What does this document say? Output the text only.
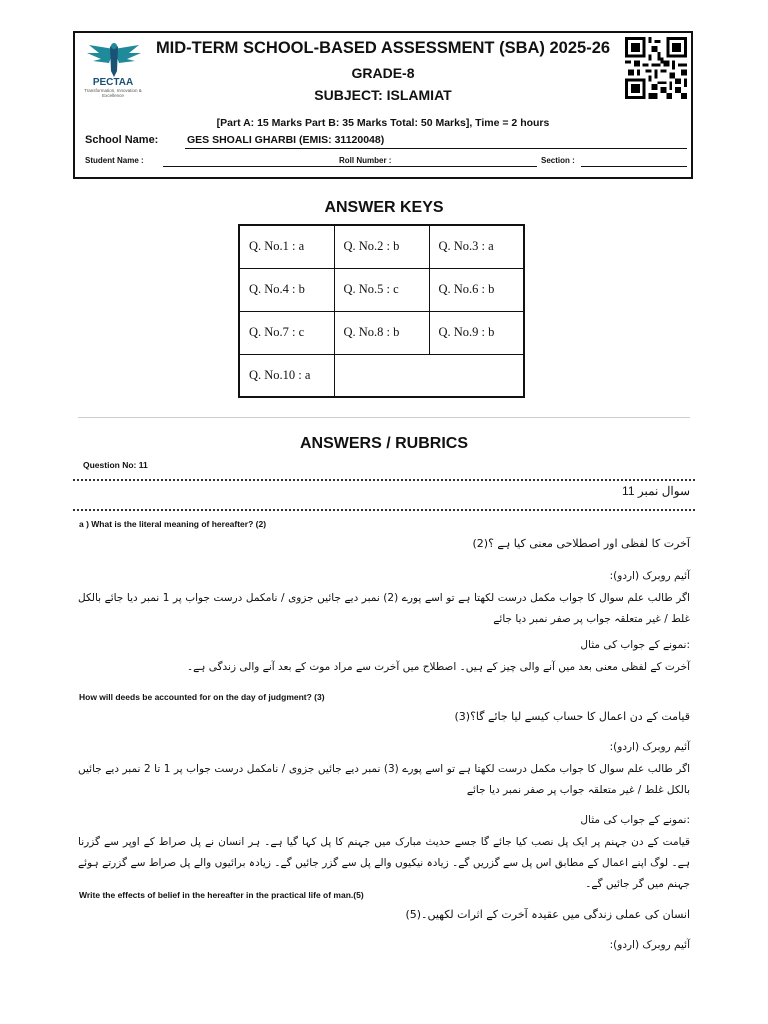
PECTAA
Transformation, Innovation & Excellence
MID-TERM SCHOOL-BASED ASSESSMENT (SBA) 2025-26
GRADE-8
SUBJECT: ISLAMIAT
[Part A: 15 Marks Part B: 35 Marks Total: 50 Marks], Time = 2 hours
School Name:	GES SHOALI GHARBI (EMIS: 31120048)
Student Name :	Roll Number :	Section :
ANSWER KEYS
Q. No.1 : a	Q. No.2 : b	Q. No.3 : a
Q. No.4 : b	Q. No.5 : c	Q. No.6 : b
Q. No.7 : c	Q. No.8 : b	Q. No.9 : b
Q. No.10 : a		
ANSWERS / RUBRICS
Question No: 11
سوال نمبر 11
a ) What is the literal meaning of hereafter? (2)
آخرت کا لفظی اور اصطلاحی معنی کیا ہے ؟(2)
آئیم روبرک (اردو):
اگر طالب علم سوال کا جواب مکمل درست لکھتا ہے تو اسے پورے (2) نمبر دیے جائیں جزوی / نامکمل درست جواب پر 1 نمبر دیا جائے بالکل غلط / غیر متعلقہ جواب پر صفر نمبر دیا جائے
:نمونے کے جواب کی مثال
آخرت کے لفظی معنی بعد میں آنے والی چیز کے ہیں۔ اصطلاح میں آخرت سے مراد موت کے بعد آنے والی زندگی ہے۔
How will deeds be accounted for on the day of judgment? (3)
قیامت کے دن اعمال کا حساب کیسے لیا جائے گا؟(3)
آئیم روبرک (اردو):
اگر طالب علم سوال کا جواب مکمل درست لکھتا ہے تو اسے پورے (3) نمبر دیے جائیں جزوی / نامکمل درست جواب پر 1 تا 2 نمبر دیے جائیں بالکل غلط / غیر متعلقہ جواب پر صفر نمبر دیا جائے
:نمونے کے جواب کی مثال
قیامت کے دن جہنم پر ایک پل نصب کیا جائے گا جسے حدیث مبارک میں جہنم کا پل کہا گیا ہے۔ ہر انسان نے پل صراط کے اوپر سے گزرنا ہے۔ لوگ اپنے اعمال کے مطابق اس پل سے گزریں گے۔ زیادہ نیکیوں والے پل سے گزر جائیں گے۔ زیادہ برائیوں والے پل صراط سے گزرتے ہوئے جہنم میں گر جائیں گے۔
Write the effects of belief in the hereafter in the practical life of man.(5)
انسان کی عملی زندگی میں عقیدہ آخرت کے اثرات لکھیں۔(5)
آئیم روبرک (اردو):
